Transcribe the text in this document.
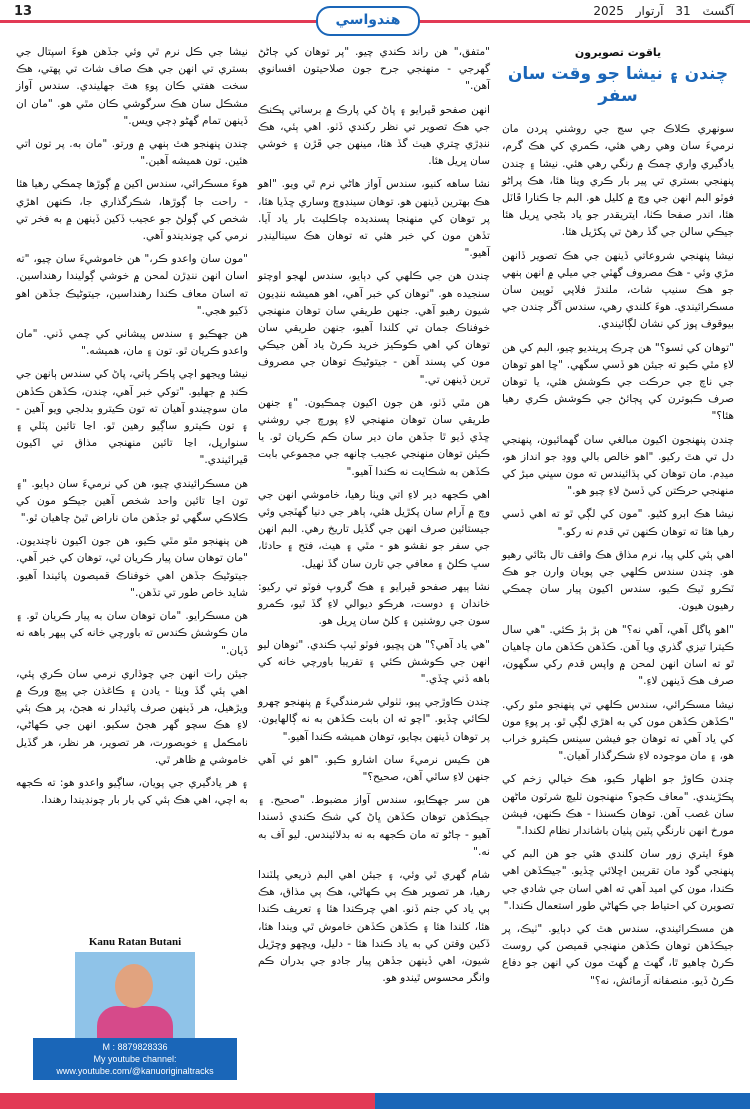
13
هندواسي
2025	آگسٽ 31 آرتوار
ياقوت تصويرون
چندن ۽ نيشا جو وقت سان سفر

سونهري ڪلاڪ جي سج جي روشني پردن مان نرميءَ سان وهي رهي هئي، ڪمري کي هڪ گرم، يادگيري واري چمڪ ۾ رنگي رهي هئي. نيشا ۽ چندن پنهنجي بستري تي پير بار ڪري ويٺا هئا، هڪ پراڻو فوٽو البم انهن جي وچ ۾ کليل هو. البم جا ڪنارا ڦاٽل هئا، اندر صفحا ڪٺا، ايتريقدر جو ياد بڻجي ڀريل هئا جيڪي سالن جي گڏ رهڻ تي پکڙيل هئا.

نيشا پنهنجي شروعاتي ڏينهن جي هڪ تصوير ڏانهن مڙي وئي - هڪ مصروف گهٽي جي ميلي ۾ انهن ٻنهي جو هڪ سنيپ شاٽ، ملندڙ فلاپي ٽوپين سان مسڪرائيندي. هوءَ کلندي رهي، سندس آڱر چندن جي بيوقوف پوز کي نشان لڳائيندي.

"توهان کي ٺسو؟" هن چرڪ پرينديو چيو، البم کي هن لاءِ مٿي ڪيو ته جيئن هو ڏسي سگهي. "ڇا اهو توهان جي ناچ جي حرڪت جي ڪوشش هئي، يا توهان صرف ڪبوترن کي ڀڄائڻ جي ڪوشش ڪري رهيا هئا؟"

چندن پنهنجون اکيون مبالغي سان گهمائيون، پنهنجي دل تي هٿ رکيو. "اهو خالص بالي ووڊ جو انداز هو، ميڊم. مان توهان کي ٻڌائيندس ته مون سڀني ميڙ کي منهنجي حرڪتن کي ڏسڻ لاءِ چيو هو."

نيشا هڪ ابرو کڻيو. "مون کي لڳي ٿو ته اهي ڏسي رهيا هئا ته توهان ڪنهن تي قدم نه رکو."

اهي ٻئي کلي پيا، نرم مذاق هڪ واقف تال بڻائي رهيو هو. چندن سندس ڪلهي جي پويان وارن جو هڪ ٽڪرو ٽيڪ ڪيو، سندس اکيون پيار سان چمڪي رهيون هيون.

"اهو پاگل آهي، آهي نه؟" هن ٻڙ ٻڙ ڪئي. "هي سال ڪيترا تيزي گذري ويا آهن. ڪڏهن ڪڏهن مان چاهيان ٿو ته اسان انهن لمحن ۾ واپس قدم رکي سگهون، صرف هڪ ڏينهن لاءِ."

نيشا مسڪرائي، سندس ڪلهي تي پنهنجو مٿو رکي. "ڪڏهن ڪڏهن مون کي به اهڙي لڳي ٿو. پر پوءِ مون کي ياد آهي ته توهان جو فيشن سينس ڪيترو خراب هو، ۽ مان موجوده لاءِ شڪرگذار آهيان."

چندن ڪاوڙ جو اظهار ڪيو، هڪ خيالي زخم کي پڪڙيندي. "معاف ڪجو؟ منهنجون ٺليچ شرٽون ماڻهن سان غصب آهن. توهان ڪسنذا - هڪ ڪنهن، فيشن مورخ انهن نارنگي پٽين پٺيان باشاندار نظام لکندا."

هوءَ ايتري زور سان کلندي هئي جو هن البم کي پنهنجي گود مان تقريبن اڇلائي ڇڏيو. "جيڪڏهن اهي ڪندا، مون کي اميد آهي ته اهي اسان جي شادي جي تصويرن کي احتياط جي ڪهاڻي طور استعمال ڪندا."

هن مسڪرائيندي، سندس هٿ کي دٻايو. "ٺيڪ، پر جيڪڏهن توهان ڪڏهن منهنجي قميصن کي روسٽ ڪرڻ چاهيو ٿا، گهٽ ۾ گهٽ مون کي انهن جو دفاع ڪرڻ ڏيو. منصفانه آزمائش، نه؟"

"متفق،" هن راند ڪندي چيو. "پر توهان کي ڄاڻڻ گهرجي - منهنجي جرح جون صلاحيتون افسانوي آهن."

انهن صفحو ڦيرايو ۽ پاڻ کي پارڪ ۾ برساتي پڪنڪ جي هڪ تصوير تي نظر رکندي ڏٺو. اهي ٻئي، هڪ ننڍڙي ڇتري هيٺ گڏ هئا، مينهن جي ڦڙن ۽ خوشي سان ڀريل هئا.

نشا ساهه کنيو، سندس آواز هاڻي نرم ٿي ويو. "اهو هڪ بهترين ڏينهن هو. توهان سينڊوچ وساري ڇڏيا هئا، پر توهان کي منهنجا پسنديده چاڪليٽ بار ياد آيا. تڏهن مون کي خبر هئي ته توهان هڪ سينالينڊر آهيو."

چندن هن جي ڪلهي کي دٻايو، سندس لهجو اوچتو سنجيده هو. "توهان کي خبر آهي، اهو هميشه ننڍيون شيون رهيو آهي. جنهن طريقي سان توهان منهنجي خوفناڪ جمان تي کلندا آهيو، جنهن طريقي سان توهان کي اهي ڪوڪيز خريد ڪرڻ ياد آهن جيڪي مون کي پسند آهن - جيتوڻيڪ توهان جي مصروف ترين ڏينهن تي."

هن مٿي ڏٺو، هن جون اکيون چمڪيون. "۽ جنهن طريقي سان توهان منهنجي لاءِ پورچ جي روشني ڇڏي ڏيو ٿا جڏهن مان دير سان ڪم ڪريان ٿو. يا ڪيئن توهان منهنجي عجيب چانهه جي مجموعي بابت ڪڏهن به شڪايت نه ڪندا آهيو."

اهي ڪجهه دير لاءِ اتي ويٺا رهيا، خاموشي انهن جي وچ ۾ آرام سان پکڙيل هئي، ٻاهر جي دنيا گهٽجي وئي جيستائين صرف انهن جي گڏيل تاريخ رهي. البم انهن جي سفر جو نقشو هو - مٿي ۽ هيٺ، فتح ۽ حادثا، سڀ ڪلڻ ۽ معافي جي تارن سان گڏ ٺهيل.

نشا ٻيهر صفحو ڦيرايو ۽ هڪ گروپ فوٽو تي رکيو: خاندان ۽ دوست، هرڪو ديوالي لاءِ گڏ ٿيو، ڪمرو سون جي روشنين ۽ کلڻ سان ڀريل هو.

"هي ياد آهي؟" هن پڇيو، فوٽو ٽيپ ڪندي. "توهان ليو انهن جي ڪوشش ڪئي ۽ تقريبا باورچي خانه کي باهه ڏني ڇڏي."

چندن ڪاوڙجي پيو، ٺٺولي شرمندگيءَ ۾ پنهنجو چهرو لڪائي ڇڏيو. "اچو ته ان بابت ڪڏهن به نه ڳالهايون. پر توهان ڏينهن بچايو، توهان هميشه ڪندا آهيو."

هن ڪيس نرميءَ سان اشارو ڪيو. "اهو ئي آهي جنهن لاءِ ساٿي آهن، صحيح؟"

هن سر جهڪايو، سندس آواز مضبوط. "صحيح. ۽ جيڪڏهن توهان ڪڏهن ڀاڻ کي شڪ ڪندي ڏسندا آهيو - ڄاڻو ته مان ڪجهه به نه بدلائيندس. ليو آف به نه."

شام گهري ٿي وئي، ۽ جيئن اهي البم ذريعي پلٽندا رهيا، هر تصوير هڪ ٻي ڪهاڻي، هڪ ٻي مذاق، هڪ ٻي ياد کي جنم ڏنو. اهي چرڪندا هئا ۽ تعريف ڪندا هئا، کلندا هئا ۽ ڪڏهن ڪڏهن خاموش ٿي ويندا هئا، ڏکين وقتن کي به ياد ڪندا هئا - دليل، ويڇهو وڇڙيل شيون، اهي ڏينهن جڏهن پيار جادو جي بدران ڪم وانگر محسوس ٿيندو هو.

نيشا جي ڪل نرم ٿي وئي جڏهن هوءَ اسپتال جي بستري تي انهن جي هڪ صاف شاٽ تي پهتي، هڪ سخت هفتي ڪان پوءِ هٿ جهليندي. سندس آواز مشڪل سان هڪ سرگوشي ڪان مٿي هو. "مان ان ڏينهن تمام گهڻو ڊڄي ويس."

چندن پنهنجو هٿ ٻنهي ۾ ورتو. "مان به. پر تون اتي هئين. تون هميشه آهين."

هوءَ مسڪرائي، سندس اکين ۾ ڳوڙها چمڪي رهيا هئا - راحت جا ڳوڙها، شڪرگذاري جا، ڪنهن اهڙي شخص کي ڳولڻ جو عجيب ڏکين ڏينهن ۾ به فخر تي نرمي کي ڇونديندو آهي.

"مون سان واعدو ڪر،" هن خاموشيءَ سان چيو، "ته اسان انهن ننڍڙن لمحن ۾ خوشي ڳوليندا رهنداسين. ته اسان معاف ڪندا رهنداسين، جيتوڻيڪ جڏهن اهو ڏکيو هجي."

هن جهڪيو ۽ سندس پيشاني کي چمي ڏني. "مان واعدو ڪريان ٿو. تون ۽ مان، هميشه."

نيشا ويجهو اچي پاڪر پاتي، پاڻ کي سندس ٻانهن جي ڪنڊ ۾ جهليو. "توکي خبر آهي، چندن، ڪڏهن ڪڏهن مان سوچيندو آهيان ته تون ڪيترو بدلجي ويو آهين - ۽ تون ڪيترو ساڳيو رهين ٿو. اڃا تائين پٽلي ۽ سنوارپل، اڃا تائين منهنجي مذاق تي اکيون ڦيرائيندي."

هن مسڪرائيندي چيو، هن کي نرميءَ سان دٻايو. "۽ تون اڃا تائين واحد شخص آهين جيڪو مون کي ڪلاڪي سگهي ٿو جڏهن مان ناراض ٿيڻ چاهيان ٿو."

هن پنهنجو مٿو مٿي ڪيو، هن جون اکيون ناچنديون. "مان توهان سان پيار ڪريان ٿي، توهان کي خبر آهي. جيتوڻيڪ جڏهن اهي خوفناڪ قميصون پائيندا آهيو. شايد خاص طور تي تڏهن."

هن مسڪرايو. "مان توهان سان به پيار ڪريان ٿو. ۽ مان ڪوشش ڪندس ته باورچي خانه کي ٻيهر باهه نه ڏيان."

جيئن رات انهن جي چوڌاري نرمي سان ڪري پئي، اهي ٻئي گڏ ويٺا - يادن ۽ ڪاغذن جي پيچ ورڪ ۾ ويڙهيل، هر ڏينهن صرف پائيدار نه هجڻ، پر هڪ ٻئي لاءِ هڪ سچو گهر هجڻ سکيو. انهن جي ڪهاڻي، نامڪمل ۽ خوبصورت، هر تصوير، هر نظر، هر گڏيل خاموشي ۾ ظاهر ٿي.

۽ هر يادگيري جي پويان، ساڳيو واعدو هو: ته ڪجهه به اچي، اهي هڪ ٻئي کي بار بار چونڊيندا رهندا.

Kanu Ratan Butani
M : 8879828336
My youtube channel:
www.youtube.com/@kanuoriginaltracks
